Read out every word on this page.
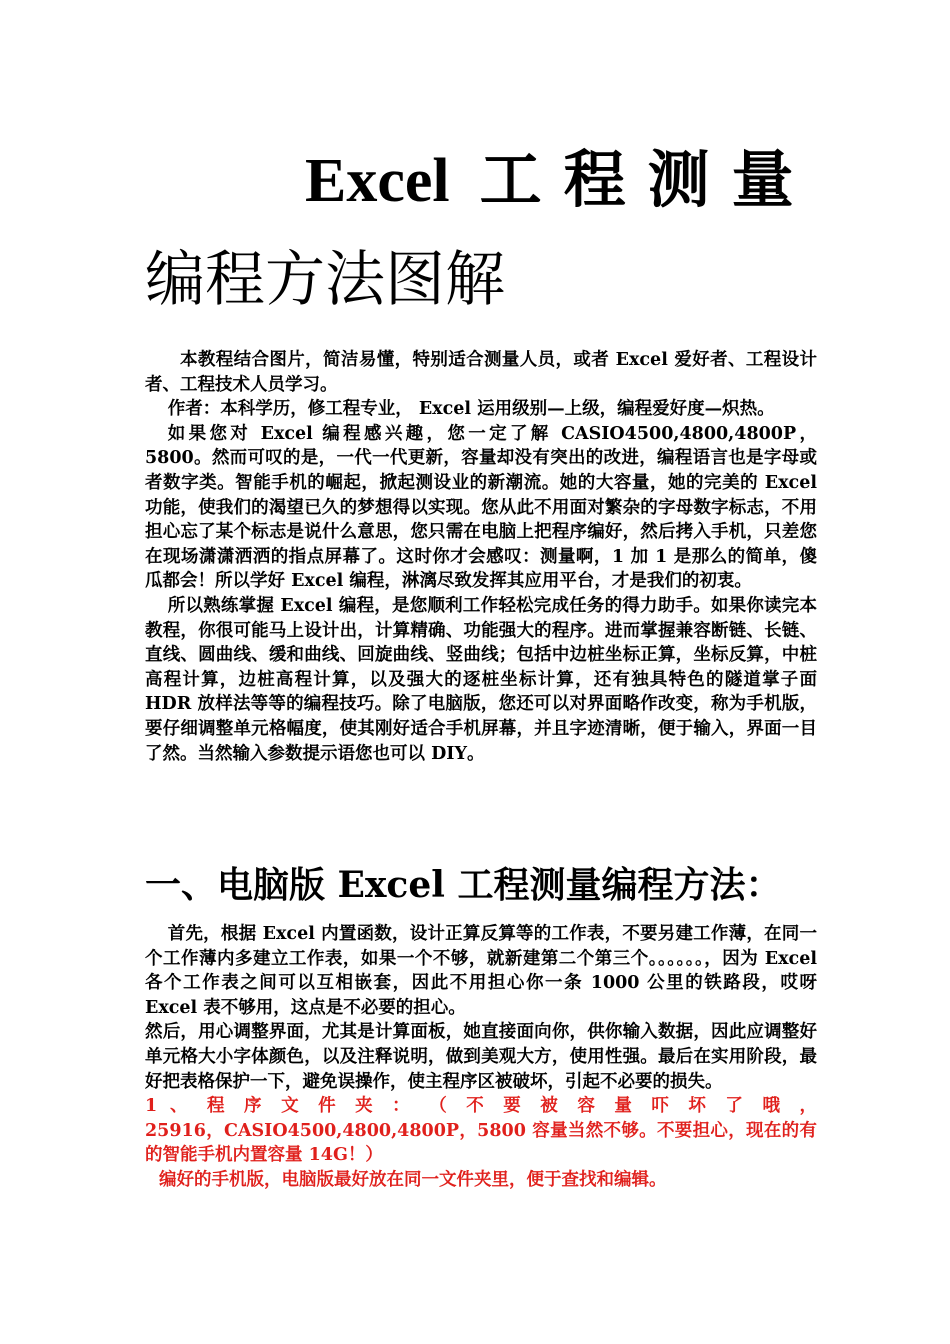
Excel 工程测量
编程方法图解

本教程结合图片，简洁易懂，特别适合测量人员，或者 Excel 爱好者、工程设计者、工程技术人员学习。

作者：本科学历，修工程专业， Excel 运用级别—上级，编程爱好度—炽热。

如果您对 Excel 编程感兴趣，您一定了解 CASIO4500,4800,4800P，5800。然而可叹的是，一代一代更新，容量却没有突出的改进，编程语言也是字母或者数字类。智能手机的崛起，掀起测设业的新潮流。她的大容量，她的完美的 Excel 功能，使我们的渴望已久的梦想得以实现。您从此不用面对繁杂的字母数字标志，不用担心忘了某个标志是说什么意思，您只需在电脑上把程序编好，然后拷入手机，只差您在现场潇潇洒洒的指点屏幕了。这时你才会感叹：测量啊，1 加 1 是那么的简单，傻瓜都会！所以学好 Excel 编程，淋漓尽致发挥其应用平台，才是我们的初衷。

所以熟练掌握 Excel 编程，是您顺利工作轻松完成任务的得力助手。如果你读完本教程，你很可能马上设计出，计算精确、功能强大的程序。进而掌握兼容断链、长链、直线、圆曲线、缓和曲线、回旋曲线、竖曲线；包括中边桩坐标正算，坐标反算，中桩高程计算，边桩高程计算，以及强大的逐桩坐标计算，还有独具特色的隧道掌子面 HDR 放样法等等的编程技巧。除了电脑版，您还可以对界面略作改变，称为手机版，要仔细调整单元格幅度，使其刚好适合手机屏幕，并且字迹清晰，便于输入，界面一目了然。当然输入参数提示语您也可以 DIY。

一、电脑版 Excel 工程测量编程方法：

首先，根据 Excel 内置函数，设计正算反算等的工作表，不要另建工作薄，在同一个工作薄内多建立工作表，如果一个不够，就新建第二个第三个。。。。。。，因为 Excel 各个工作表之间可以互相嵌套，因此不用担心你一条 1000 公里的铁路段，哎呀 Excel 表不够用，这点是不必要的担心。

然后，用心调整界面，尤其是计算面板，她直接面向你，供你输入数据，因此应调整好单元格大小字体颜色，以及注释说明，做到美观大方，使用性强。最后在实用阶段，最好把表格保护一下，避免误操作，使主程序区被破坏，引起不必要的损失。

1 、 程 序 文 件 夹 ： （ 不 要 被 容 量 吓 坏 了 哦 ，

25916，CASIO4500,4800,4800P，5800 容量当然不够。不要担心，现在的有的智能手机内置容量 14G！）

编好的手机版，电脑版最好放在同一文件夹里，便于查找和编辑。
